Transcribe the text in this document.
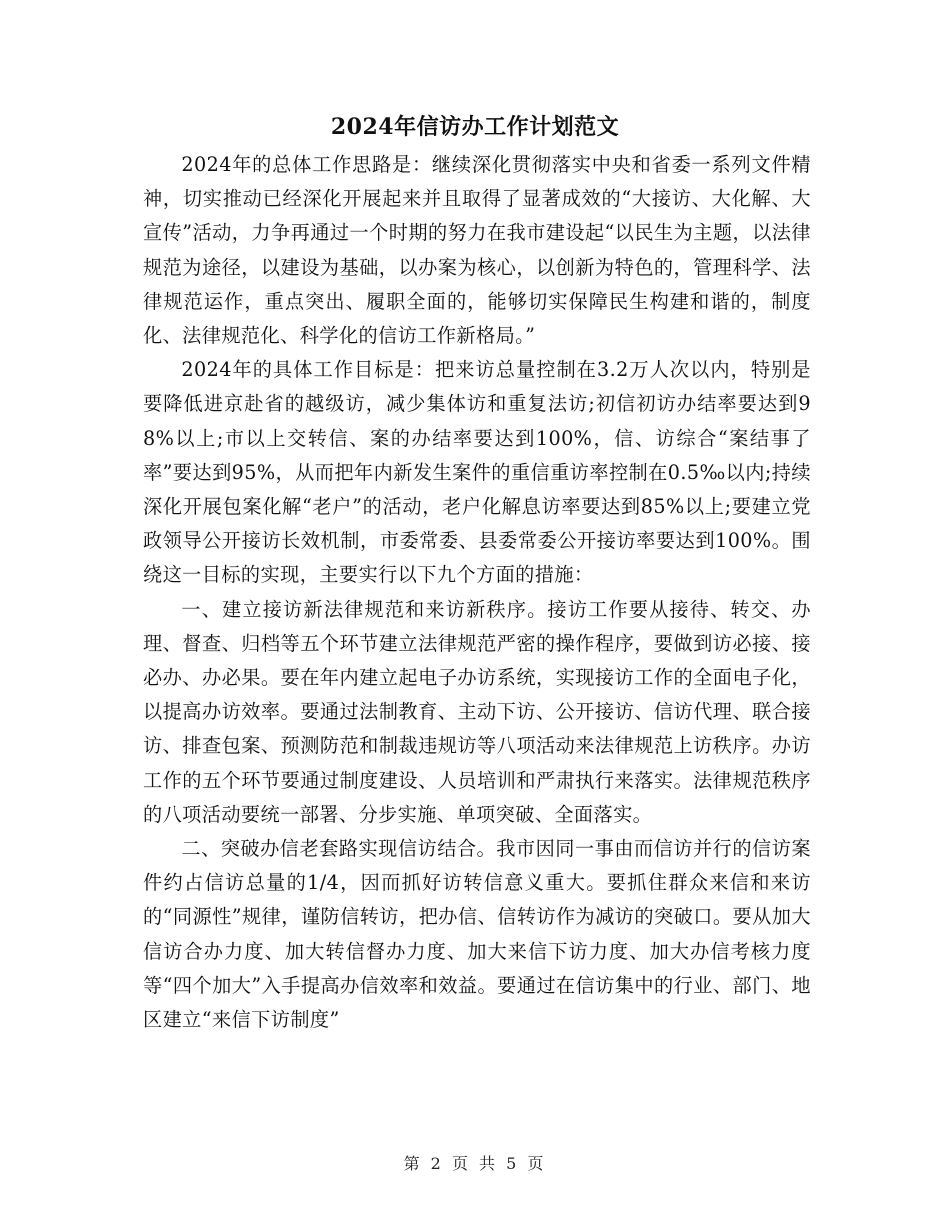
2024年信访办工作计划范文

2024年的总体工作思路是：继续深化贯彻落实中央和省委一系列文件精神，切实推动已经深化开展起来并且取得了显著成效的“大接访、大化解、大宣传”活动，力争再通过一个时期的努力在我市建设起“以民生为主题，以法律规范为途径，以建设为基础，以办案为核心，以创新为特色的，管理科学、法律规范运作，重点突出、履职全面的，能够切实保障民生构建和谐的，制度化、法律规范化、科学化的信访工作新格局。”

2024年的具体工作目标是：把来访总量控制在3.2万人次以内，特别是要降低进京赴省的越级访，减少集体访和重复法访;初信初访办结率要达到98%以上;市以上交转信、案的办结率要达到100%，信、访综合“案结事了率”要达到95%，从而把年内新发生案件的重信重访率控制在0.5‰以内;持续深化开展包案化解“老户”的活动，老户化解息访率要达到85%以上;要建立党政领导公开接访长效机制，市委常委、县委常委公开接访率要达到100%。围绕这一目标的实现，主要实行以下九个方面的措施：

一、建立接访新法律规范和来访新秩序。接访工作要从接待、转交、办理、督查、归档等五个环节建立法律规范严密的操作程序，要做到访必接、接必办、办必果。要在年内建立起电子办访系统，实现接访工作的全面电子化，以提高办访效率。要通过法制教育、主动下访、公开接访、信访代理、联合接访、排查包案、预测防范和制裁违规访等八项活动来法律规范上访秩序。办访工作的五个环节要通过制度建设、人员培训和严肃执行来落实。法律规范秩序的八项活动要统一部署、分步实施、单项突破、全面落实。

二、突破办信老套路实现信访结合。我市因同一事由而信访并行的信访案件约占信访总量的1/4，因而抓好访转信意义重大。要抓住群众来信和来访的“同源性”规律，谨防信转访，把办信、信转访作为减访的突破口。要从加大信访合办力度、加大转信督办力度、加大来信下访力度、加大办信考核力度等“四个加大”入手提高办信效率和效益。要通过在信访集中的行业、部门、地区建立“来信下访制度”

第 2 页 共 5 页
